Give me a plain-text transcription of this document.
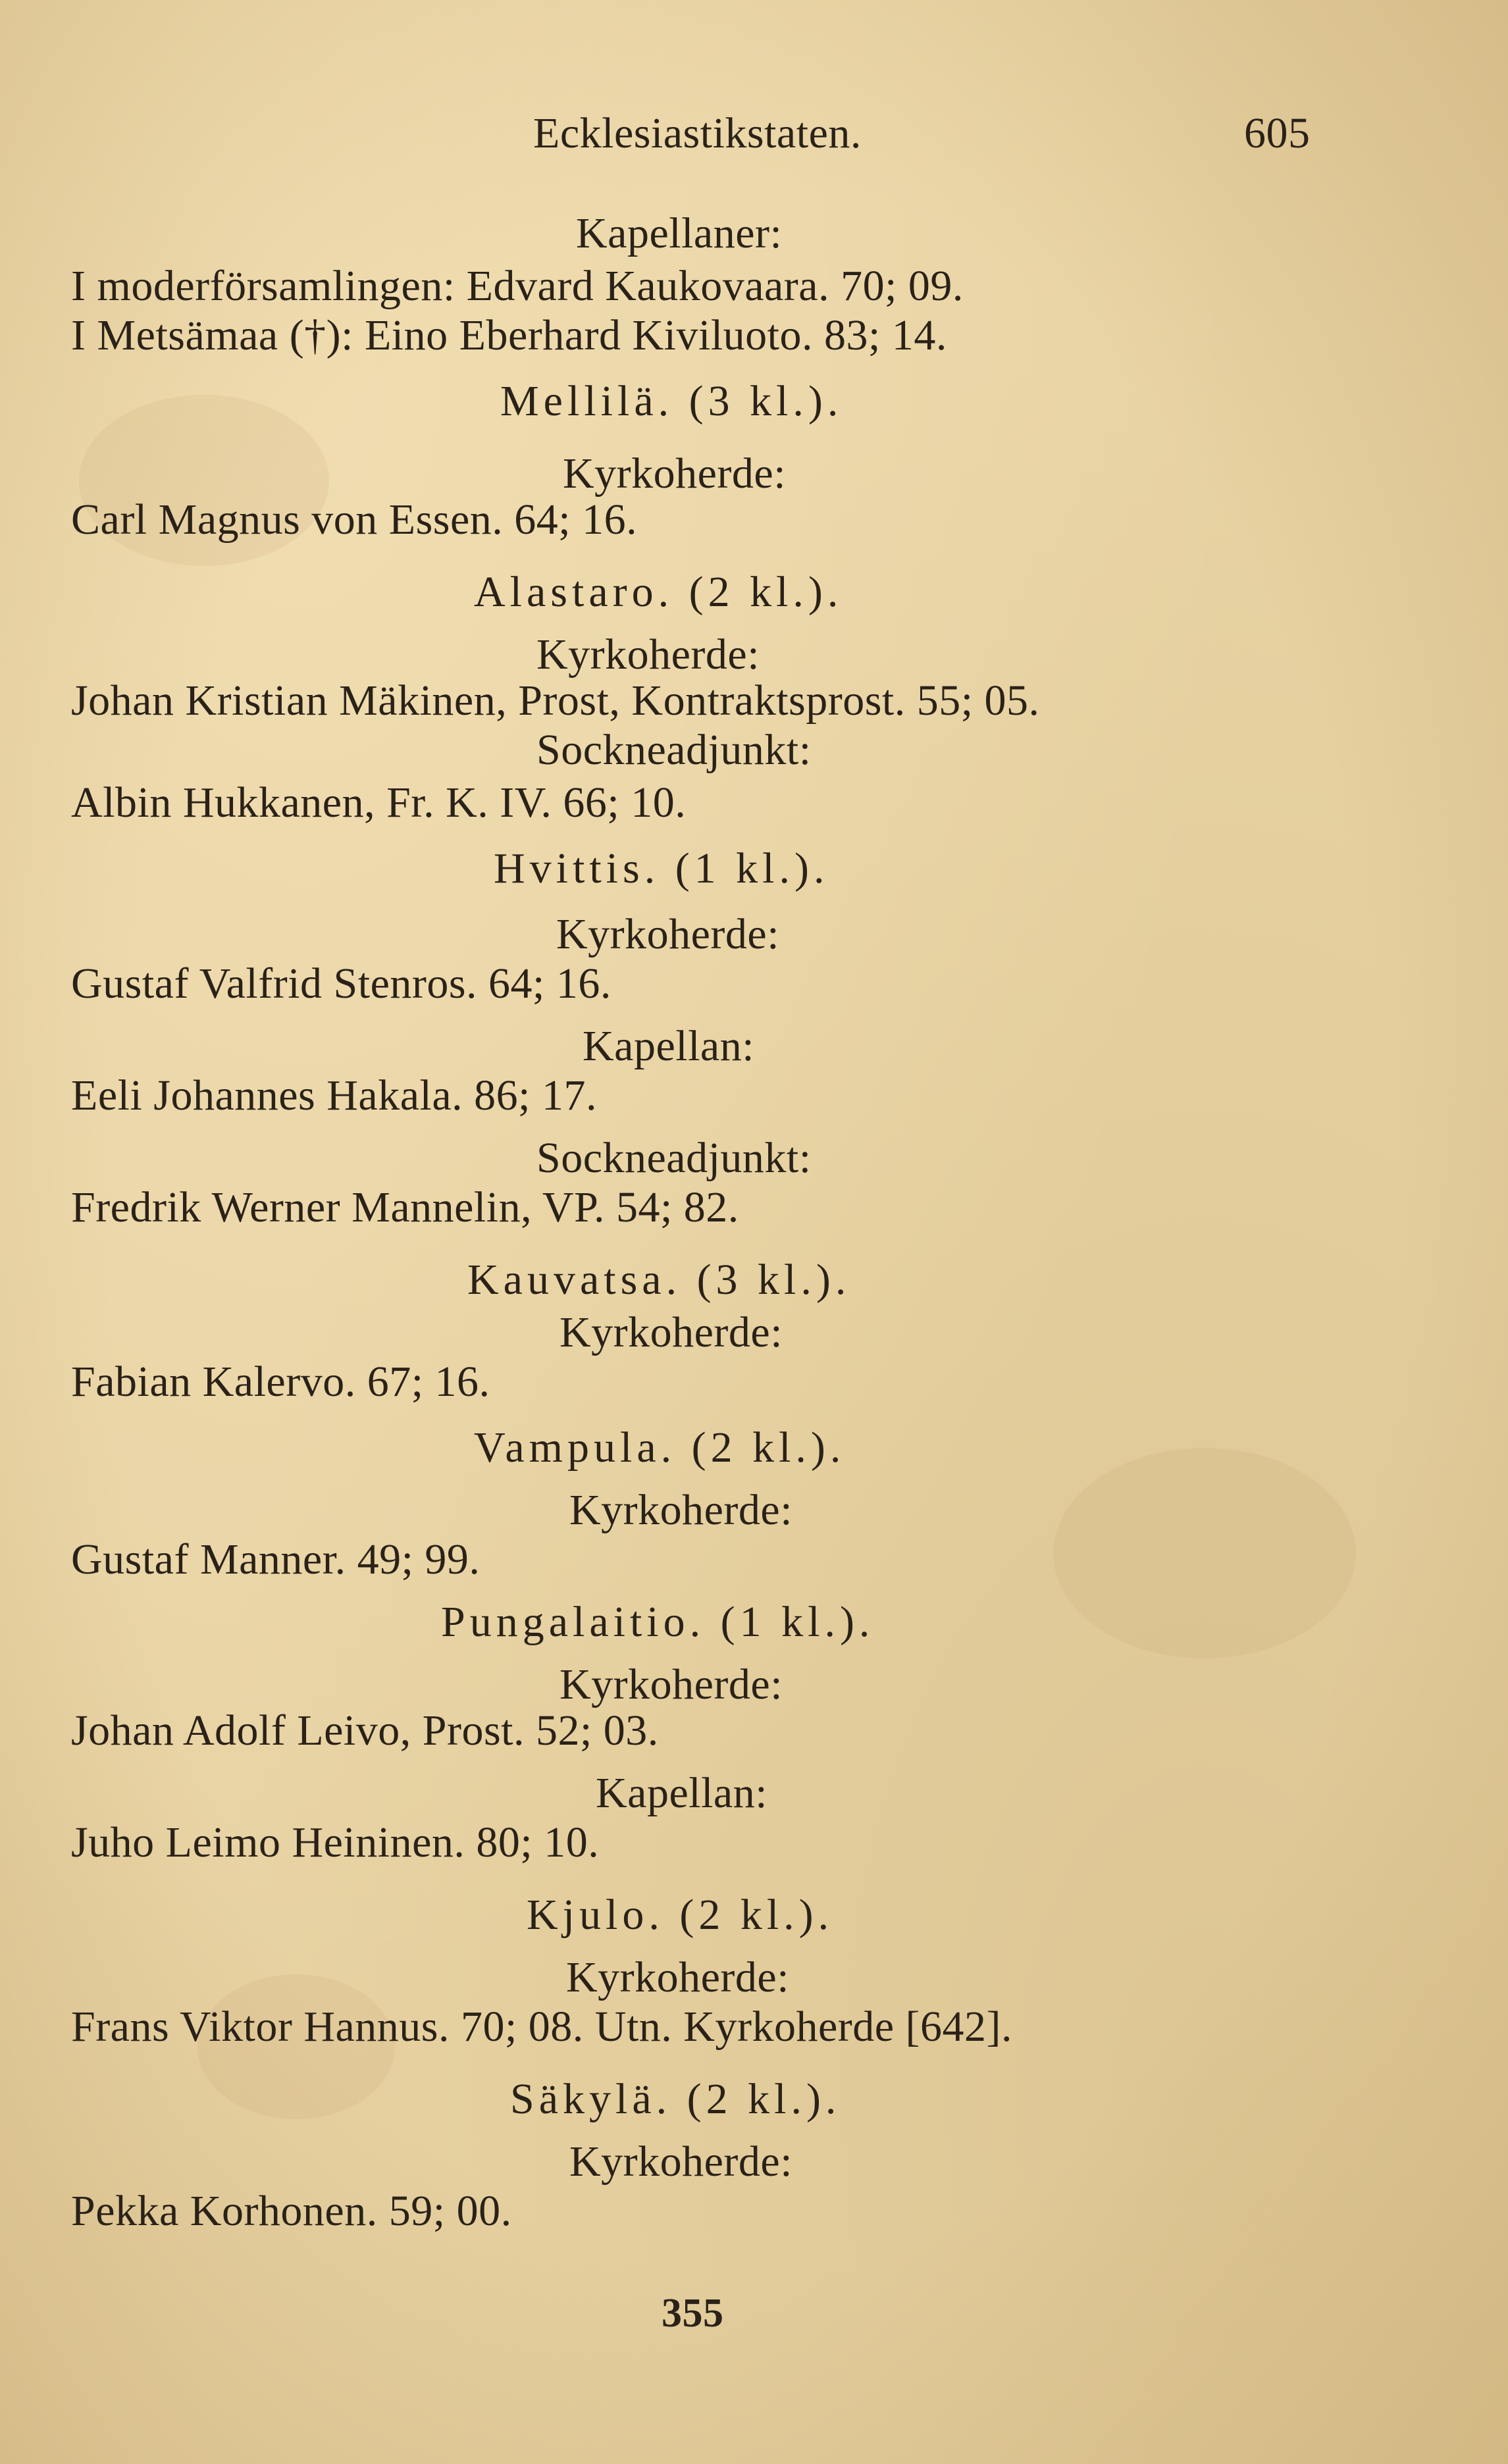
Ecklesiastikstaten.	605
Kapellaner:
I moderförsamlingen: Edvard Kaukovaara. 70; 09.
I Metsämaa (†): Eino Eberhard Kiviluoto. 83; 14.
Mellilä. (3 kl.).
Kyrkoherde:
Carl Magnus von Essen. 64; 16.
Alastaro. (2 kl.).
Kyrkoherde:
Johan Kristian Mäkinen, Prost, Kontraktsprost. 55; 05.
Sockneadjunkt:
Albin Hukkanen, Fr. K. IV. 66; 10.
Hvittis. (1 kl.).
Kyrkoherde:
Gustaf Valfrid Stenros. 64; 16.
Kapellan:
Eeli Johannes Hakala. 86; 17.
Sockneadjunkt:
Fredrik Werner Mannelin, VP. 54; 82.
Kauvatsa. (3 kl.).
Kyrkoherde:
Fabian Kalervo. 67; 16.
Vampula. (2 kl.).
Kyrkoherde:
Gustaf Manner. 49; 99.
Pungalaitio. (1 kl.).
Kyrkoherde:
Johan Adolf Leivo, Prost. 52; 03.
Kapellan:
Juho Leimo Heininen. 80; 10.
Kjulo. (2 kl.).
Kyrkoherde:
Frans Viktor Hannus. 70; 08. Utn. Kyrkoherde [642].
Säkylä. (2 kl.).
Kyrkoherde:
Pekka Korhonen. 59; 00.
355
